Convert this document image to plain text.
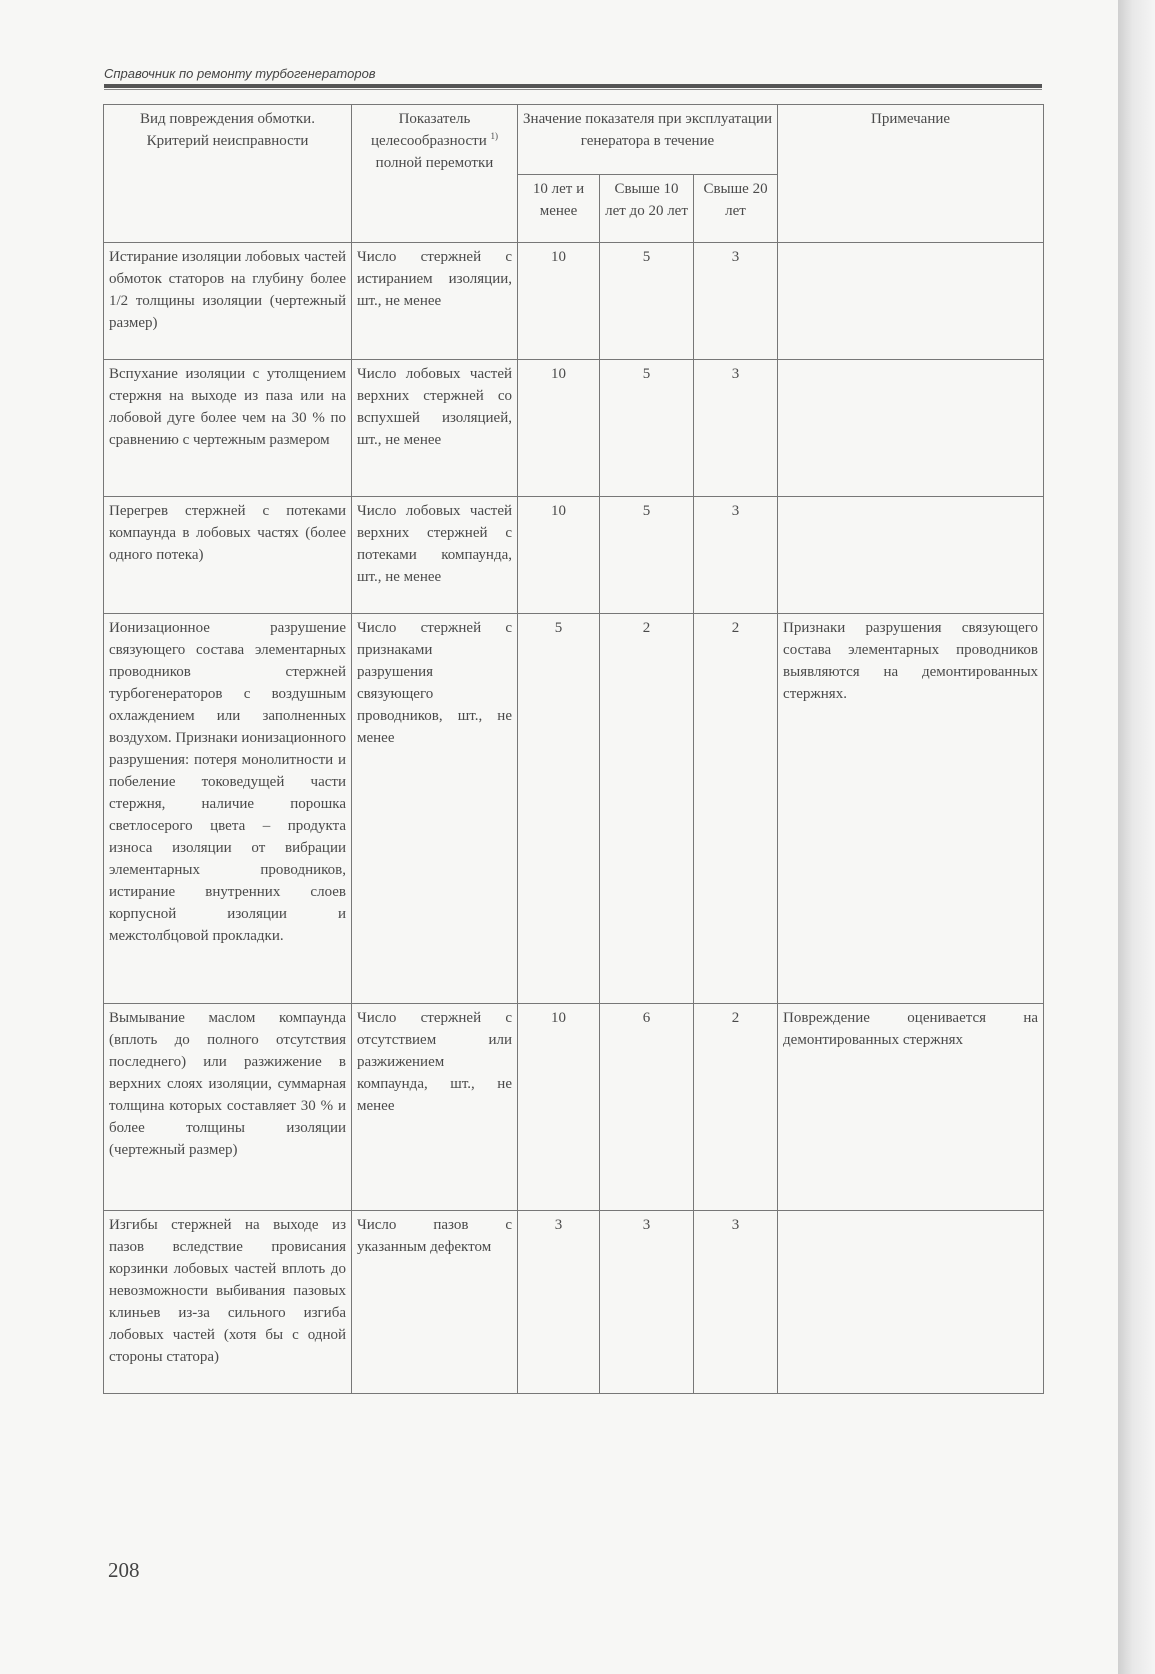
Справочник по ремонту турбогенераторов
Вид повреждения обмотки. Критерий неисправности	Показатель целесообразности $^{1)}$ полной перемотки	Значение показателя при эксплуатации генератора в течение			Примечание
		10 лет и менее	Свыше 10 лет до 20 лет	Свыше 20 лет	
Истирание изоляции лобовых частей обмоток статоров на глубину более 1/2 толщины изоляции (чертежный размер)	Число стержней с истиранием изоляции, шт., не менее	10	5	3	
Вспухание изоляции с утолщением стержня на выходе из паза или на лобовой дуге более чем на 30 % по сравнению с чертежным размером	Число лобовых частей верхних стержней со вспухшей изоляцией, шт., не менее	10	5	3	
Перегрев стержней с потеками компаунда в лобовых частях (более одного потека)	Число лобовых частей верхних стержней с потеками компаунда, шт., не менее	10	5	3	
Ионизационное разрушение связующего состава элементарных проводников стержней турбогенераторов с воздушным охлаждением или заполненных воздухом. Признаки ионизационного разрушения: потеря монолитности и побеление токоведущей части стержня, наличие порошка светлосерого цвета – продукта износа изоляции от вибрации элементарных проводников, истирание внутренних слоев корпусной изоляции и межстолбцовой прокладки.	Число стержней с признаками разрушения связующего проводников, шт., не менее	5	2	2	Признаки разрушения связующего состава элементарных проводников выявляются на демонтированных стержнях.
Вымывание маслом компаунда (вплоть до полного отсутствия последнего) или разжижение в верхних слоях изоляции, суммарная толщина которых составляет 30 % и более толщины изоляции (чертежный размер)	Число стержней с отсутствием или разжижением компаунда, шт., не менее	10	6	2	Повреждение оценивается на демонтированных стержнях
Изгибы стержней на выходе из пазов вследствие провисания корзинки лобовых частей вплоть до невозможности выбивания пазовых клиньев из-за сильного изгиба лобовых частей (хотя бы с одной стороны статора)	Число пазов с указанным дефектом	3	3	3	
208
